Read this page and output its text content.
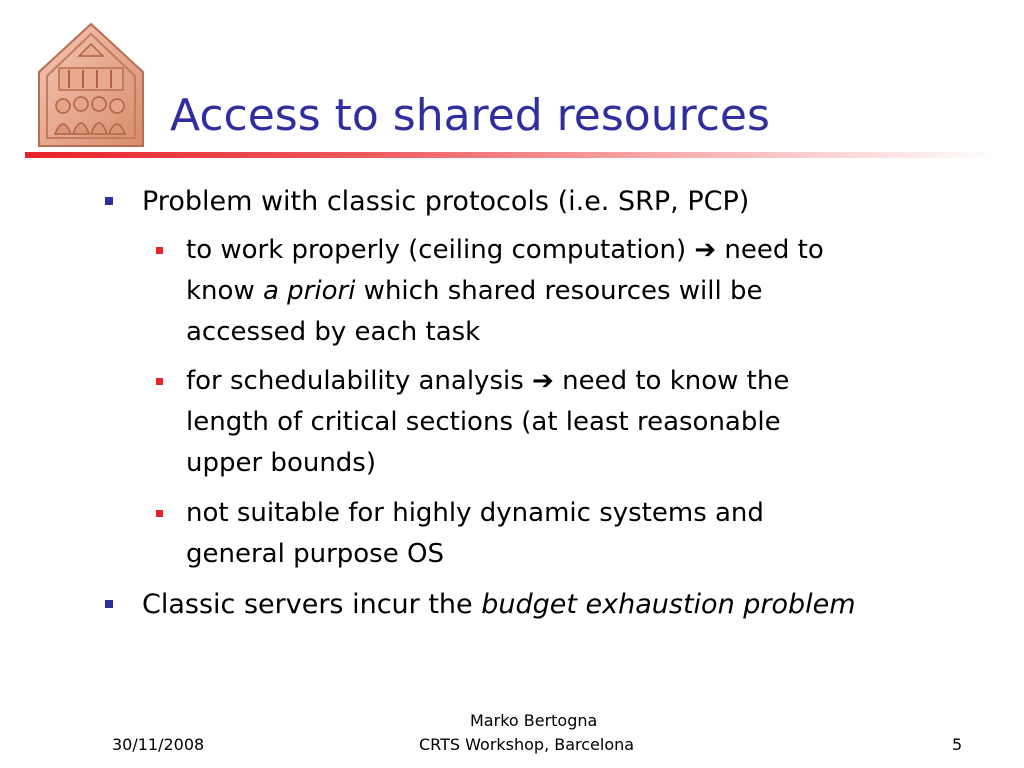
Access to shared resources
Problem with classic protocols (i.e. SRP, PCP)
to work properly (ceiling computation) ➔ need to
know a priori which shared resources will be
accessed by each task
for schedulability analysis ➔ need to know the
length of critical sections (at least reasonable
upper bounds)
not suitable for highly dynamic systems and
general purpose OS
Classic servers incur the budget exhaustion problem
30/11/2008
Marko Bertogna
CRTS Workshop, Barcelona	5
